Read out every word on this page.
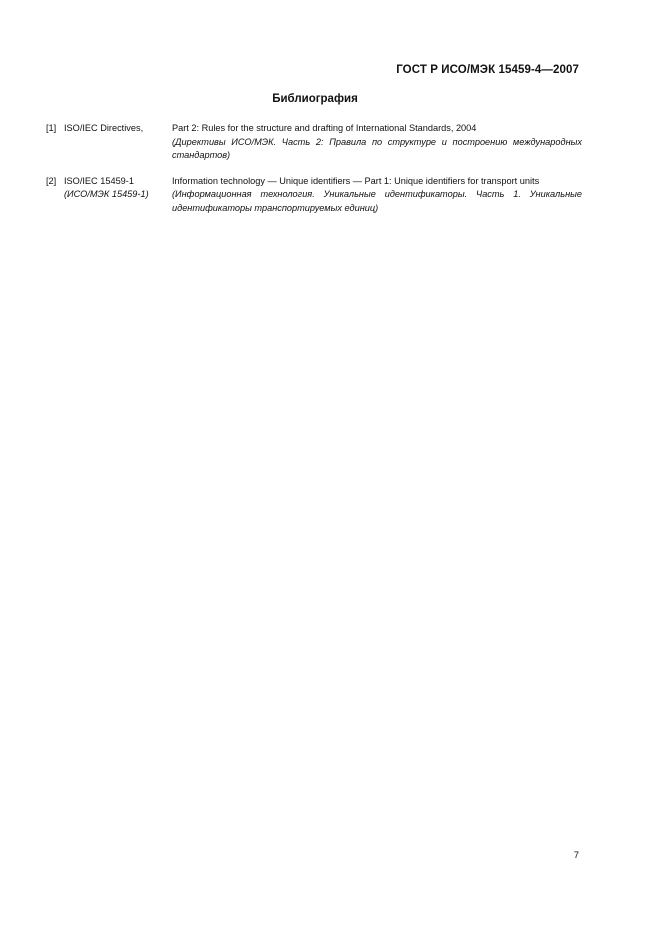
ГОСТ Р ИСО/МЭК 15459-4—2007
Библиография
[1] ISO/IEC Directives,	Part 2: Rules for the structure and drafting of International Standards, 2004
(Директивы ИСО/МЭК. Часть 2: Правила по структуре и построению международных стандартов)
[2] ISO/IEC 15459-1
(ИСО/МЭК 15459-1)
Information technology — Unique identifiers — Part 1: Unique identifiers for transport units
(Информационная технология. Уникальные идентификаторы. Часть 1. Уникальные идентификаторы транспортируемых единиц)
7
